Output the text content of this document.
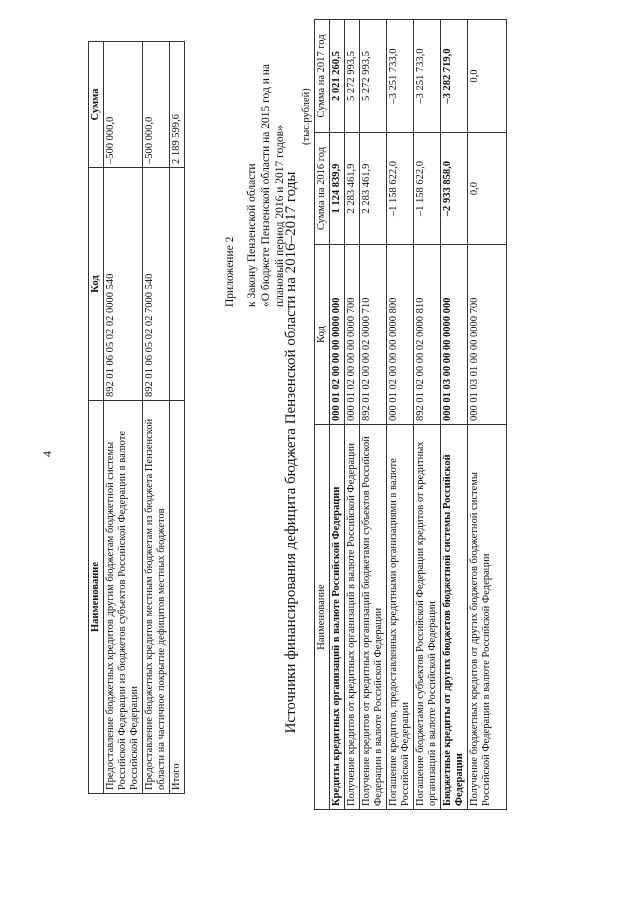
4
Наименование	Код	Сумма
Предоставление бюджетных кредитов другим бюджетам бюджетной системы Российской Федерации из бюджетов субъектов Российской Федерации в валюте Российской Федерации	892 01 06 05 02 02 0000 540	–500 000,0
Предоставление бюджетных кредитов местным бюджетам из бюджета Пензенской области на частичное покрытие дефицитов местных бюджетов	892 01 06 05 02 02 7000 540	–500 000,0
Итого		2 189 599,6
Приложение 2 к Закону Пензенской области «О бюджете Пензенской области на 2015 год и на плановый период 2016 и 2017 годов»
Источники финансирования дефицита бюджета Пензенской области на 2016–2017 годы
(тыс.рублей)
Наименование	Код	Сумма на 2016 год	Сумма на 2017 год
Кредиты кредитных организаций в валюте Российской Федерации	000 01 02 00 00 00 0000 000	1 124 839,9	2 021 260,5
Получение кредитов от кредитных организаций в валюте Российской Федерации	000 01 02 00 00 00 0000 700	2 283 461,9	5 272 993,5
Получение кредитов от кредитных организаций бюджетами субъектов Российской Федерации в валюте Российской Федерации	892 01 02 00 00 02 0000 710	2 283 461,9	5 272 993,5
Погашение кредитов, предоставленных кредитными организациями в валюте Российской Федерации	000 01 02 00 00 00 0000 800	–1 158 622,0	–3 251 733,0
Погашение бюджетами субъектов Российской Федерации кредитов от кредитных организаций в валюте Российской Федерации	892 01 02 00 00 02 0000 810	–1 158 622,0	–3 251 733,0
Бюджетные кредиты от других бюджетов бюджетной системы Российской Федерации	000 01 03 00 00 00 0000 000	–2 933 858,0	–3 282 719,0
Получение бюджетных кредитов от других бюджетов бюджетной системы Российской Федерации в валюте Российской Федерации	000 01 03 01 00 00 0000 700	0,0	0,0
